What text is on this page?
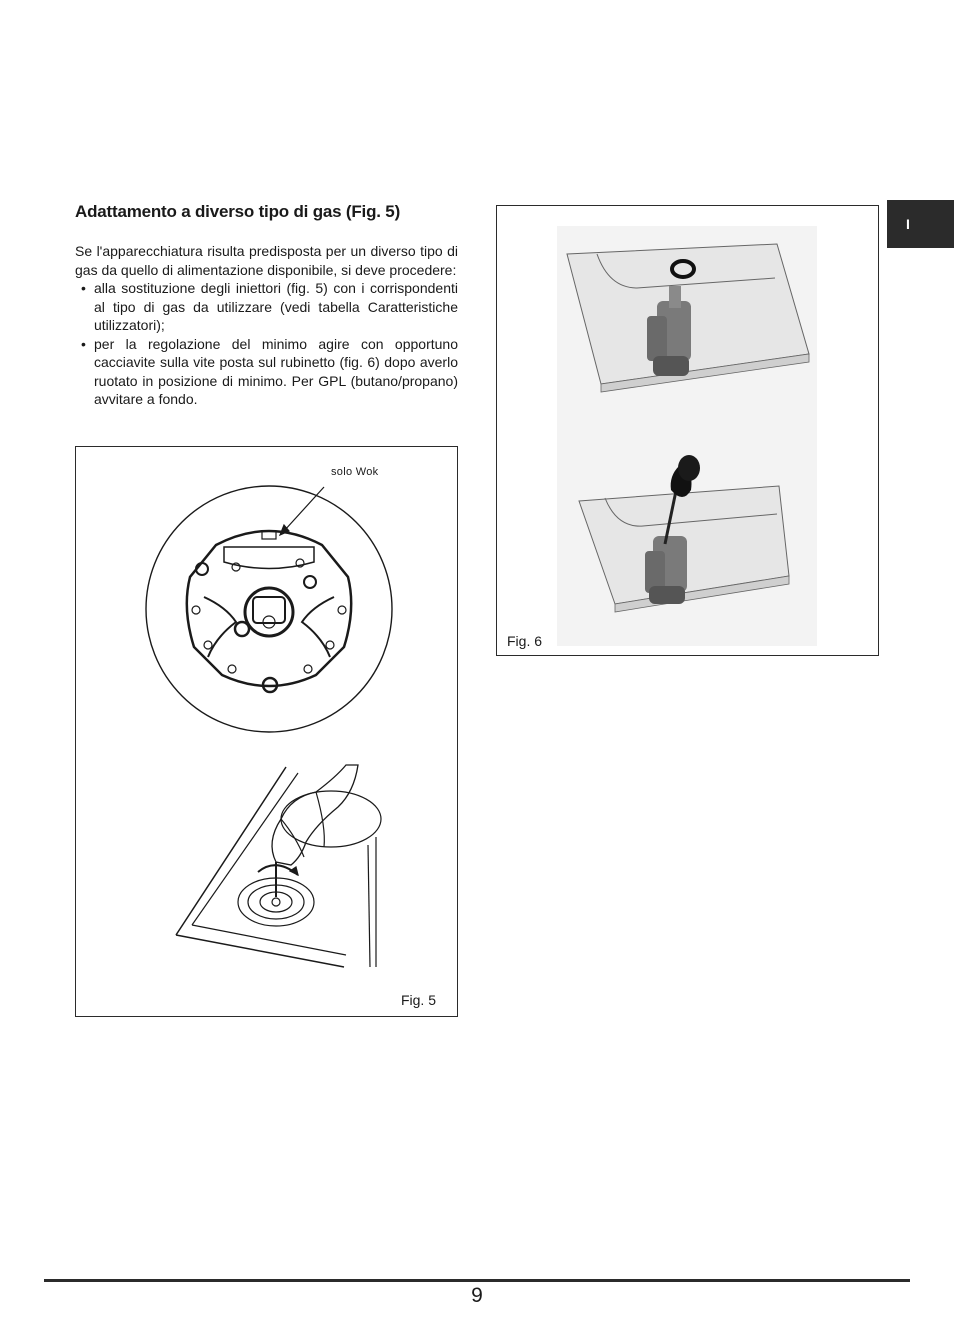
I
Adattamento a diverso tipo di gas (Fig. 5)

Se l'apparecchiatura risulta predisposta per un diverso tipo di gas da quello di alimentazione disponibile, si deve procedere:

• alla sostituzione degli iniettori (fig. 5) con i corrispondenti al tipo di gas da utilizzare (vedi tabella Caratteristiche utilizzatori);
• per la regolazione del minimo agire con opportuno cacciavite sulla vite posta sul rubinetto (fig. 6) dopo averlo ruotato in posizione di minimo. Per GPL (butano/propano) avvitare a fondo.
solo Wok
Fig. 5
Fig. 6
9
